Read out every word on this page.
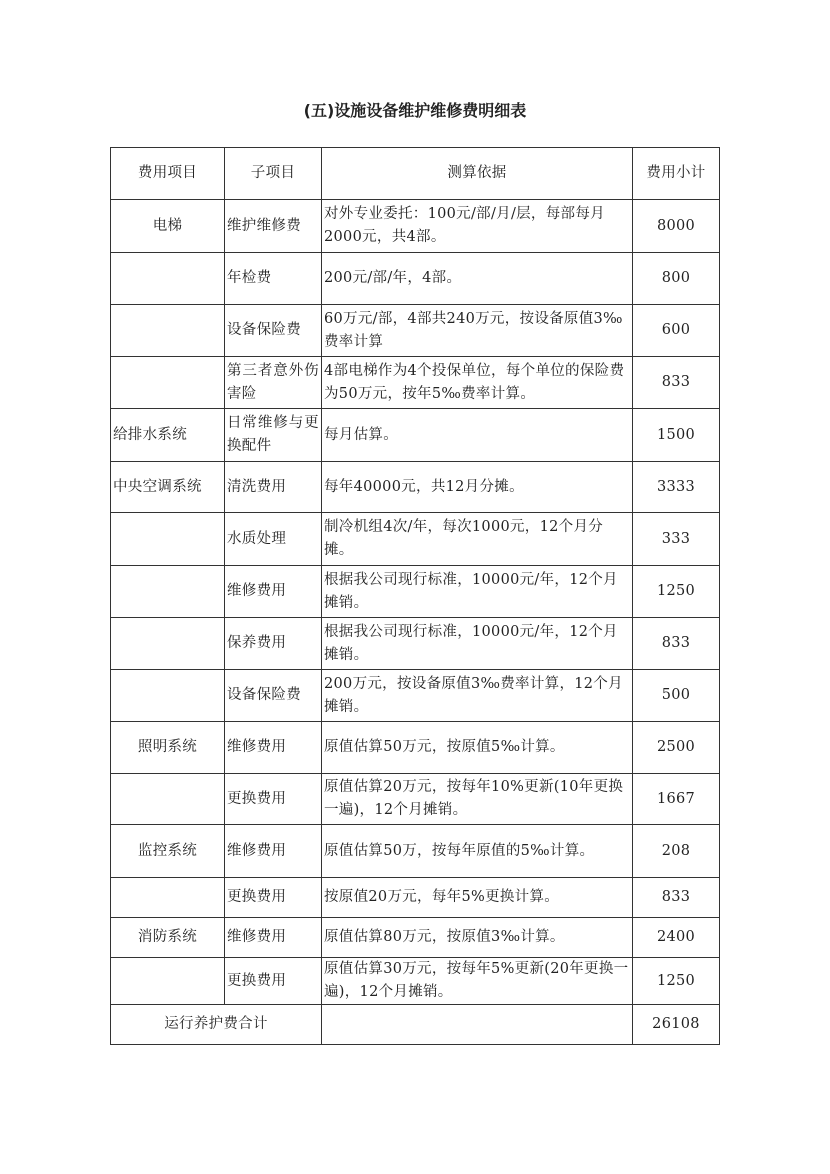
(五)设施设备维护维修费明细表
费用项目	子项目	测算依据	费用小计
电梯	维护维修费	对外专业委托：100元/部/月/层，每部每月2000元，共4部。	8000
	年检费	200元/部/年，4部。	800
	设备保险费	60万元/部，4部共240万元，按设备原值3‰费率计算	600
	第三者意外伤害险	4部电梯作为4个投保单位，每个单位的保险费为50万元，按年5‰费率计算。	833
给排水系统	日常维修与更换配件	每月估算。	1500
中央空调系统	清洗费用	每年40000元，共12月分摊。	3333
	水质处理	制冷机组4次/年，每次1000元，12个月分摊。	333
	维修费用	根据我公司现行标准，10000元/年，12个月摊销。	1250
	保养费用	根据我公司现行标准，10000元/年，12个月摊销。	833
	设备保险费	200万元，按设备原值3‰费率计算，12个月摊销。	500
照明系统	维修费用	原值估算50万元，按原值5‰计算。	2500
	更换费用	原值估算20万元，按每年10%更新(10年更换一遍)，12个月摊销。	1667
监控系统	维修费用	原值估算50万，按每年原值的5‰计算。	208
	更换费用	按原值20万元，每年5%更换计算。	833
消防系统	维修费用	原值估算80万元，按原值3‰计算。	2400
	更换费用	原值估算30万元，按每年5%更新(20年更换一遍)，12个月摊销。	1250
运行养护费合计			26108
